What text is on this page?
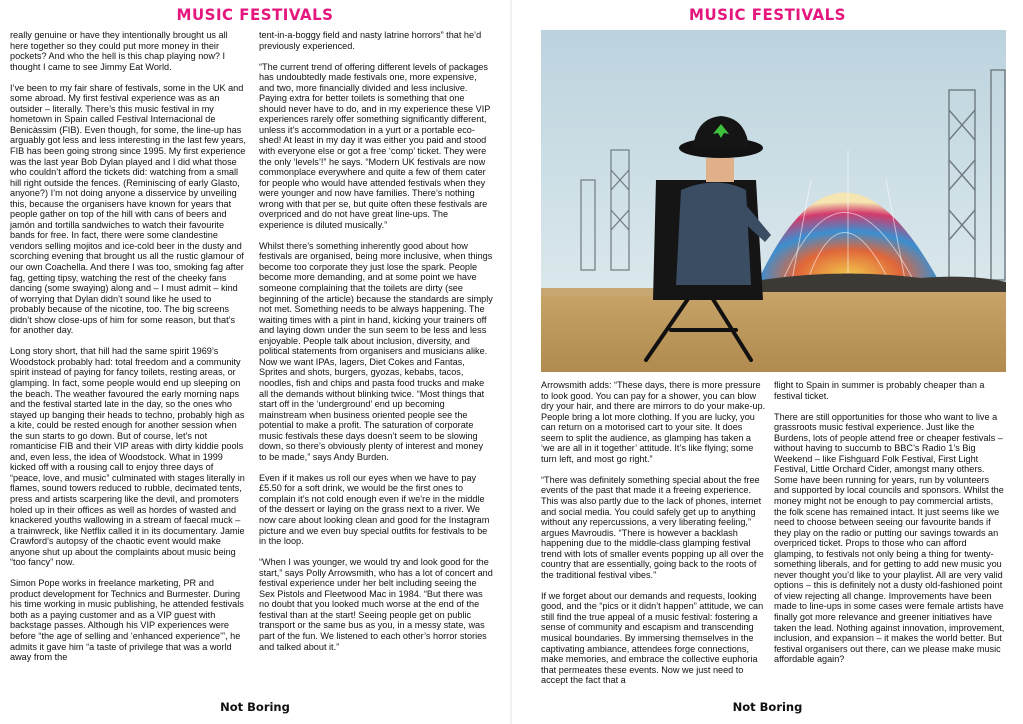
MUSIC FESTIVALS

really genuine or have they intentionally brought us all here together so they could put more money in their pockets? And who the hell is this chap playing now? I thought I came to see Jimmy Eat World.

I’ve been to my fair share of festivals, some in the UK and some abroad. My first festival experience was as an outsider – literally. There’s this music festival in my hometown in Spain called Festival Internacional de Benicàssim (FIB). Even though, for some, the line-up has arguably got less and less interesting in the last few years, FIB has been going strong since 1995. My first experience was the last year Bob Dylan played and I did what those who couldn’t afford the tickets did: watching from a small hill right outside the fences. (Reminiscing of early Glasto, anyone?) I’m not doing anyone a disservice by unveiling this, because the organisers have known for years that people gather on top of the hill with cans of beers and jamón and tortilla sandwiches to watch their favourite bands for free. In fact, there were some clandestine vendors selling mojitos and ice-cold beer in the dusty and scorching evening that brought us all the rustic glamour of our own Coachella. And there I was too, smoking fag after fag, getting tipsy, watching the rest of the cheeky fans dancing (some swaying) along and – I must admit – kind of worrying that Dylan didn’t sound like he used to probably because of the nicotine, too. The big screens didn’t show close-ups of him for some reason, but that’s for another day.

Long story short, that hill had the same spirit 1969’s Woodstock probably had: total freedom and a community spirit instead of paying for fancy toilets, resting areas, or glamping. In fact, some people would end up sleeping on the beach. The weather favoured the early morning naps and the festival started late in the day, so the ones who stayed up banging their heads to techno, probably high as a kite, could be rested enough for another session when the sun starts to go down. But of course, let’s not romanticise FIB and their VIP areas with dirty kiddie pools and, even less, the idea of Woodstock. What in 1999 kicked off with a rousing call to enjoy three days of “peace, love, and music” culminated with stages literally in flames, sound towers reduced to rubble, decimated tents, press and artists scarpering like the devil, and promoters holed up in their offices as well as hordes of wasted and knackered youths wallowing in a stream of faecal muck – a trainwreck, like Netflix called it in its documentary. Jamie Crawford’s autopsy of the chaotic event would make anyone shut up about the complaints about music being “too fancy” now.

Simon Pope works in freelance marketing, PR and product development for Technics and Burmester. During his time working in music publishing, he attended festivals both as a paying customer and as a VIP guest with backstage passes. Although his VIP experiences were before “the age of selling and ‘enhanced experience’”, he admits it gave him “a taste of privilege that was a world away from the

tent-in-a-boggy field and nasty latrine horrors” that he’d previously experienced.

“The current trend of offering different levels of packages has undoubtedly made festivals one, more expensive, and two, more financially divided and less inclusive. Paying extra for better toilets is something that one should never have to do, and in my experience these VIP experiences rarely offer something significantly different, unless it’s accommodation in a yurt or a portable eco-shed! At least in my day it was either you paid and stood with everyone else or got a free ‘comp’ ticket. They were the only ‘levels’!” he says. “Modern UK festivals are now commonplace everywhere and quite a few of them cater for people who would have attended festivals when they were younger and now have families. There’s nothing wrong with that per se, but quite often these festivals are overpriced and do not have great line-ups. The experience is diluted musically.”

Whilst there’s something inherently good about how festivals are organised, being more inclusive, when things become too corporate they just lose the spark. People become more demanding, and at some point we have someone complaining that the toilets are dirty (see beginning of the article) because the standards are simply not met. Something needs to be always happening. The waiting times with a pint in hand, kicking your trainers off and laying down under the sun seem to be less and less enjoyable. People talk about inclusion, diversity, and political statements from organisers and musicians alike. Now we want IPAs, lagers, Diet Cokes and Fantas, Sprites and shots, burgers, gyozas, kebabs, tacos, noodles, fish and chips and pasta food trucks and make all the demands without blinking twice. “Most things that start off in the ‘underground’ end up becoming mainstream when business oriented people see the potential to make a profit. The saturation of corporate music festivals these days doesn’t seem to be slowing down, so there’s obviously plenty of interest and money to be made,” says Andy Burden.

Even if it makes us roll our eyes when we have to pay £5.50 for a soft drink, we would be the first ones to complain it’s not cold enough even if we’re in the middle of the dessert or laying on the grass next to a river. We now care about looking clean and good for the Instagram picture and we even buy special outfits for festivals to be in the loop.

“When I was younger, we would try and look good for the start,” says Polly Arrowsmith, who has a lot of concert and festival experience under her belt including seeing the Sex Pistols and Fleetwood Mac in 1984. “But there was no doubt that you looked much worse at the end of the festival than at the start! Seeing people get on public transport or the same bus as you, in a messy state, was part of the fun. We listened to each other’s horror stories and talked about it.”

Not Boring
MUSIC FESTIVALS

Arrowsmith adds: “These days, there is more pressure to look good. You can pay for a shower, you can blow dry your hair, and there are mirrors to do your make-up. People bring a lot more clothing. If you are lucky, you can return on a motorised cart to your site. It does seem to split the audience, as glamping has taken a ‘we are all in it together’ attitude. It’s like flying; some turn left, and most go right.”

“There was definitely something special about the free events of the past that made it a freeing experience. This was also partly due to the lack of phones, internet and social media. You could safely get up to anything without any repercussions, a very liberating feeling,” argues Mavroudis. “There is however a backlash happening due to the middle-class glamping festival trend with lots of smaller events popping up all over the country that are essentially, going back to the roots of the traditional festival vibes.”

If we forget about our demands and requests, looking good, and the “pics or it didn’t happen” attitude, we can still find the true appeal of a music festival: fostering a sense of community and escapism and transcending musical boundaries. By immersing themselves in the captivating ambiance, attendees forge connections, make memories, and embrace the collective euphoria that permeates these events. Now we just need to accept the fact that a

flight to Spain in summer is probably cheaper than a festival ticket.

There are still opportunities for those who want to live a grassroots music festival experience. Just like the Burdens, lots of people attend free or cheaper festivals – without having to succumb to BBC’s Radio 1’s Big Weekend – like Fishguard Folk Festival, First Light Festival, Little Orchard Cider, amongst many others. Some have been running for years, run by volunteers and supported by local councils and sponsors. Whilst the money might not be enough to pay commercial artists, the folk scene has remained intact. It just seems like we need to choose between seeing our favourite bands if they play on the radio or putting our savings towards an overpriced ticket. Props to those who can afford glamping, to festivals not only being a thing for twenty-something liberals, and for getting to add new music you never thought you’d like to your playlist. All are very valid options – this is definitely not a dusty old-fashioned point of view rejecting all change. Improvements have been made to line-ups in some cases were female artists have finally got more relevance and greener initiatives have taken the lead. Nothing against innovation, improvement, inclusion, and expansion – it makes the world better. But festival organisers out there, can we please make music affordable again?

Not Boring
